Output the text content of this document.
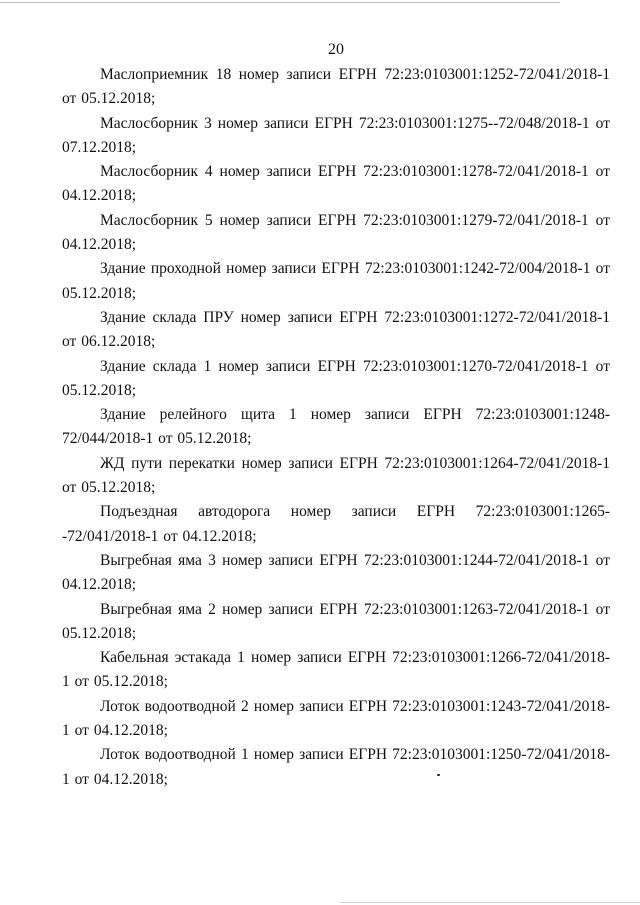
20

Маслоприемник 18 номер записи ЕГРН 72:23:0103001:1252-72/041/2018-1 от 05.12.2018;

Маслосборник 3 номер записи ЕГРН 72:23:0103001:1275--72/048/2018-1 от 07.12.2018;

Маслосборник 4 номер записи ЕГРН 72:23:0103001:1278-72/041/2018-1 от 04.12.2018;

Маслосборник 5 номер записи ЕГРН 72:23:0103001:1279-72/041/2018-1 от 04.12.2018;

Здание проходной номер записи ЕГРН 72:23:0103001:1242-72/004/2018-1 от 05.12.2018;

Здание склада ПРУ номер записи ЕГРН 72:23:0103001:1272-72/041/2018-1 от 06.12.2018;

Здание склада 1 номер записи ЕГРН 72:23:0103001:1270-72/041/2018-1 от 05.12.2018;

Здание релейного щита 1 номер записи ЕГРН 72:23:0103001:1248-72/044/2018-1 от 05.12.2018;

ЖД пути перекатки номер записи ЕГРН 72:23:0103001:1264-72/041/2018-1 от 05.12.2018;

Подъездная автодорога номер записи ЕГРН 72:23:0103001:1265--72/041/2018-1 от 04.12.2018;

Выгребная яма 3 номер записи ЕГРН 72:23:0103001:1244-72/041/2018-1 от 04.12.2018;

Выгребная яма 2 номер записи ЕГРН 72:23:0103001:1263-72/041/2018-1 от 05.12.2018;

Кабельная эстакада 1 номер записи ЕГРН 72:23:0103001:1266-72/041/2018-1 от 05.12.2018;

Лоток водоотводной 2 номер записи ЕГРН 72:23:0103001:1243-72/041/2018-1 от 04.12.2018;

Лоток водоотводной 1 номер записи ЕГРН 72:23:0103001:1250-72/041/2018-1 от 04.12.2018;
